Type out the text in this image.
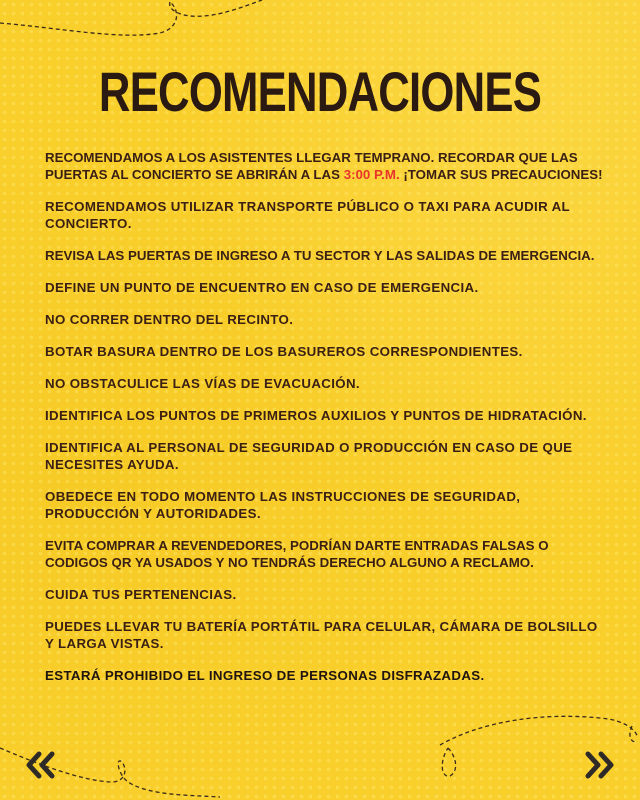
RECOMENDACIONES

RECOMENDAMOS A LOS ASISTENTES LLEGAR TEMPRANO. RECORDAR QUE LAS PUERTAS AL CONCIERTO SE ABRIRÁN A LAS 3:00 P.M. ¡TOMAR SUS PRECAUCIONES!

RECOMENDAMOS UTILIZAR TRANSPORTE PÚBLICO O TAXI PARA ACUDIR AL CONCIERTO.

REVISA LAS PUERTAS DE INGRESO A TU SECTOR Y LAS SALIDAS DE EMERGENCIA.

DEFINE UN PUNTO DE ENCUENTRO EN CASO DE EMERGENCIA.

NO CORRER DENTRO DEL RECINTO.

BOTAR BASURA DENTRO DE LOS BASUREROS CORRESPONDIENTES.

NO OBSTACULICE LAS VÍAS DE EVACUACIÓN.

IDENTIFICA LOS PUNTOS DE PRIMEROS AUXILIOS Y PUNTOS DE HIDRATACIÓN.

IDENTIFICA AL PERSONAL DE SEGURIDAD O PRODUCCIÓN EN CASO DE QUE NECESITES AYUDA.

OBEDECE EN TODO MOMENTO LAS INSTRUCCIONES DE SEGURIDAD, PRODUCCIÓN Y AUTORIDADES.

EVITA COMPRAR A REVENDEDORES, PODRÍAN DARTE ENTRADAS FALSAS O CODIGOS QR YA USADOS Y NO TENDRÁS DERECHO ALGUNO A RECLAMO.

CUIDA TUS PERTENENCIAS.

PUEDES LLEVAR TU BATERÍA PORTÁTIL PARA CELULAR, CÁMARA DE BOLSILLO Y LARGA VISTAS.

ESTARÁ PROHIBIDO EL INGRESO DE PERSONAS DISFRAZADAS.
